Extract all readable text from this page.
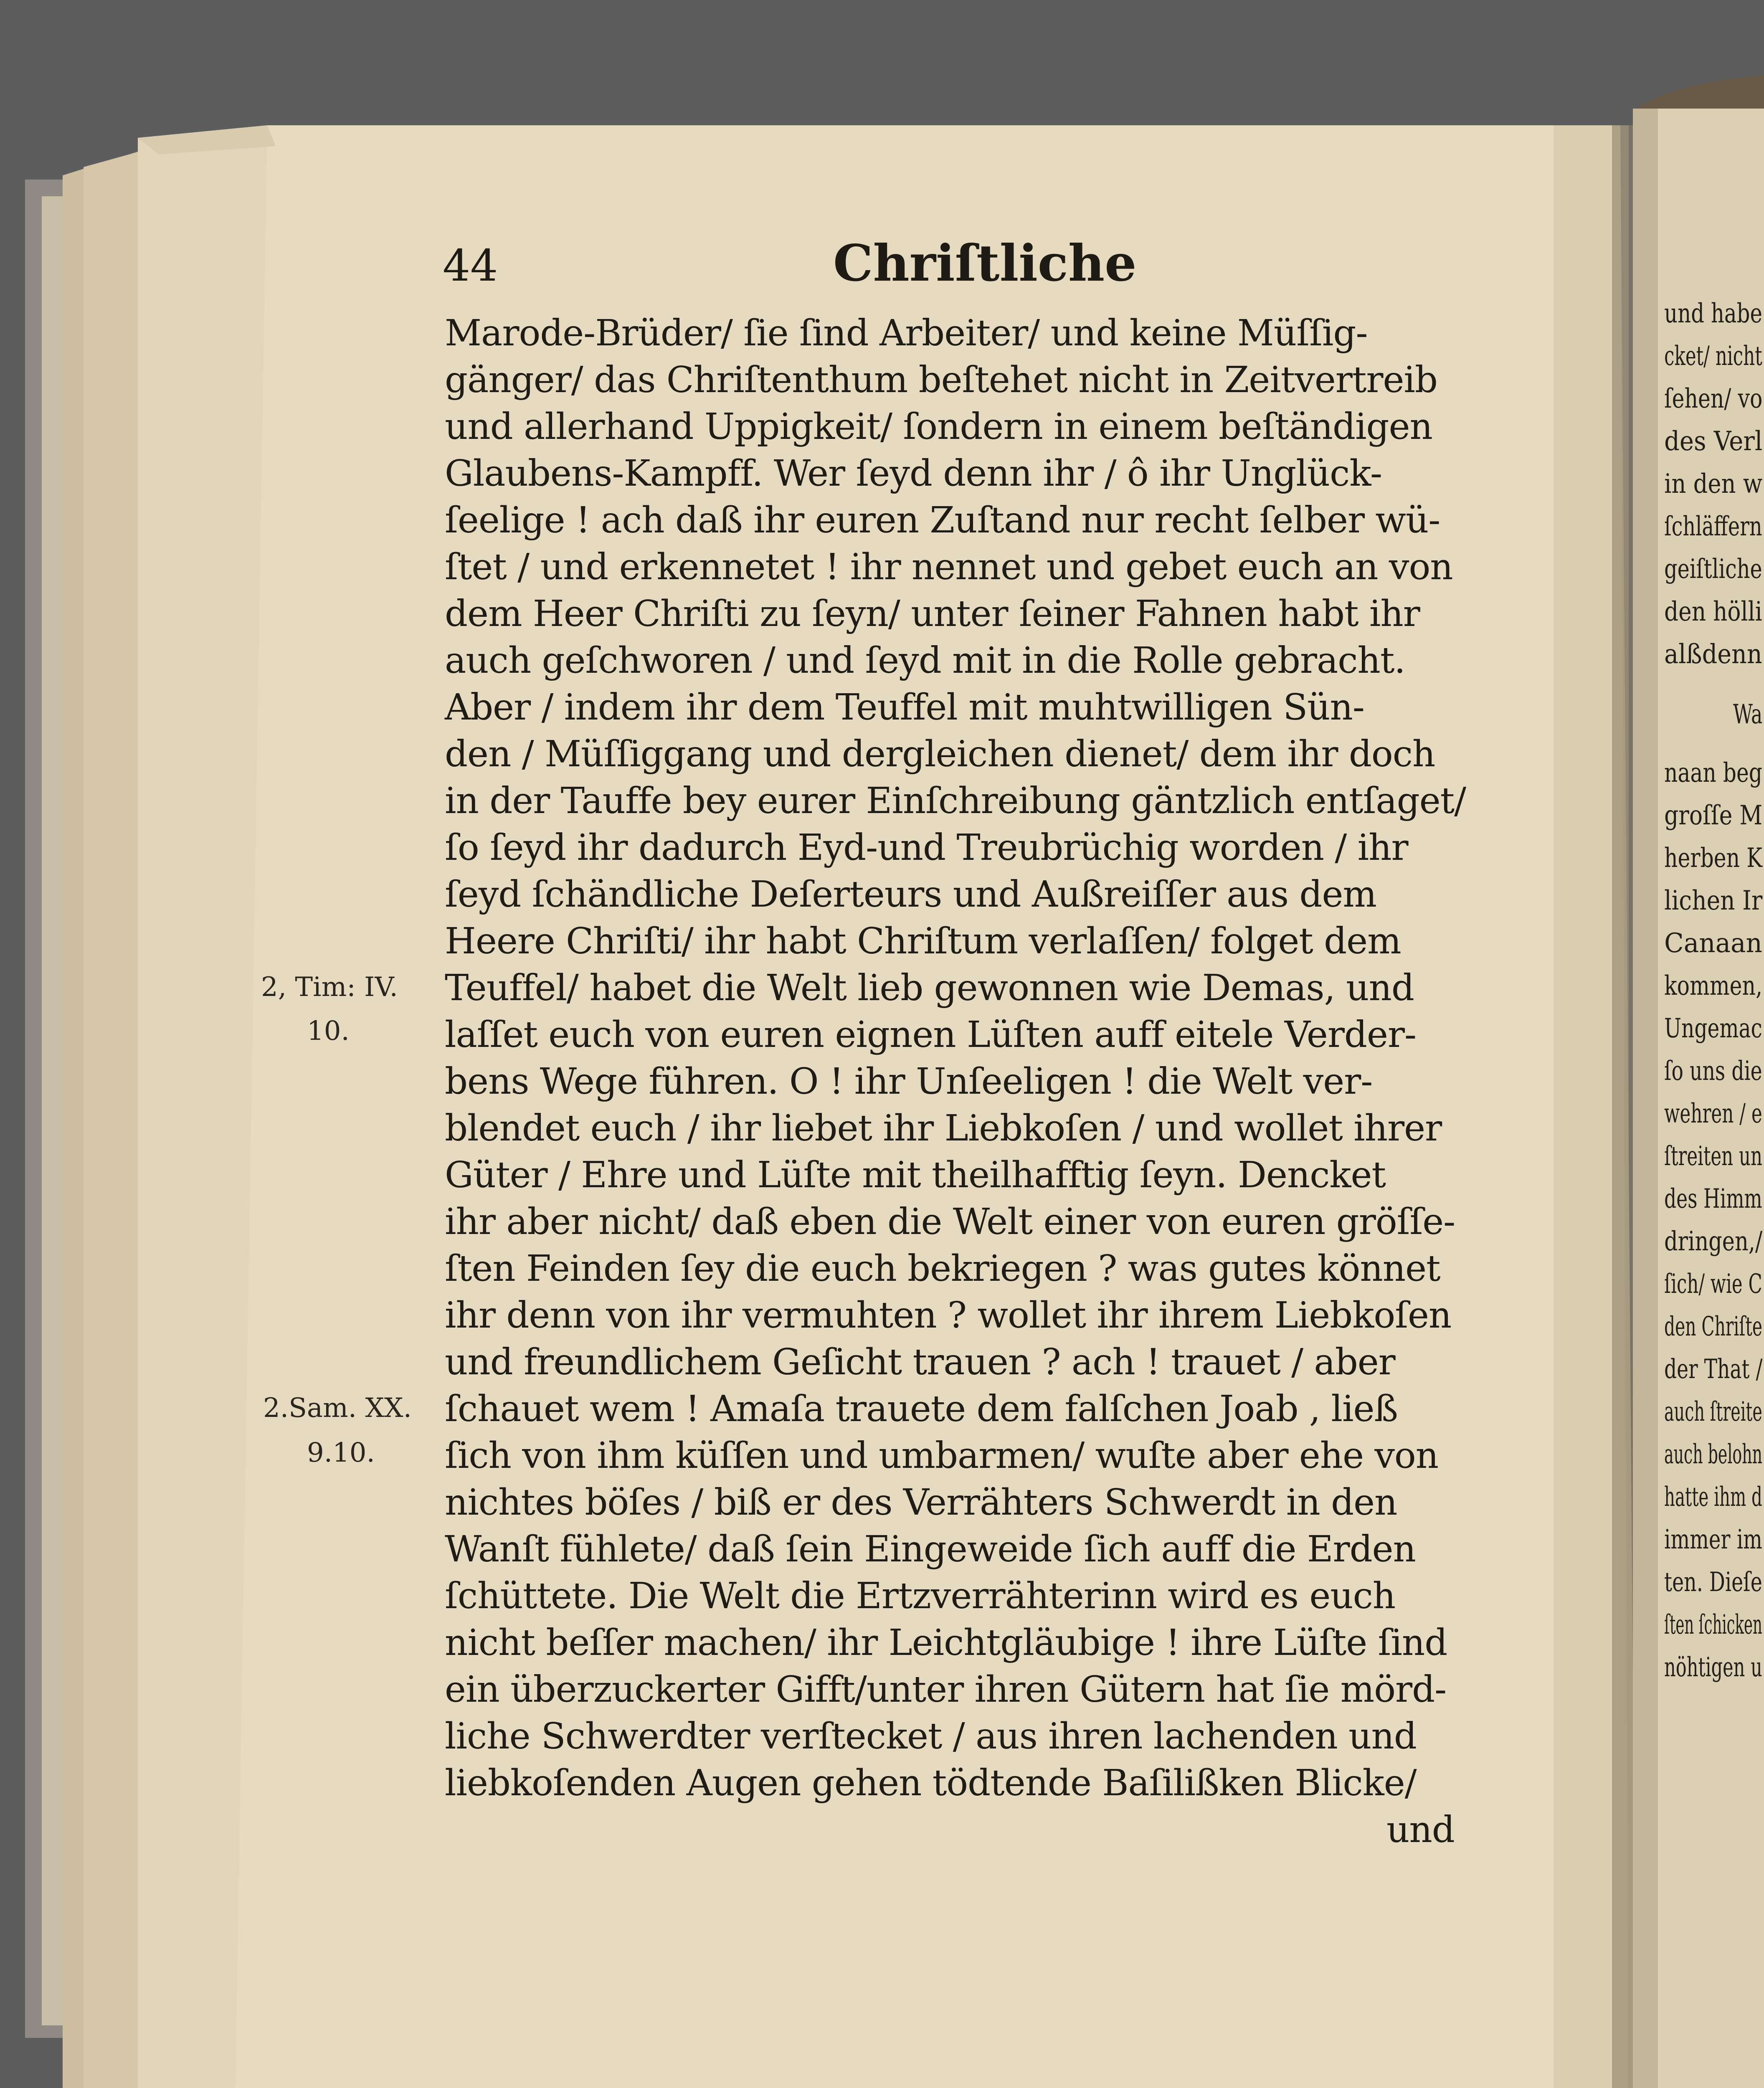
44	Chriſtliche
Marode-Brüder/ ſie ſind Arbeiter/ und keine Müſſig-
gänger/ das Chriſtenthum beſtehet nicht in Zeitvertreib
und allerhand Uppigkeit/ ſondern in einem beſtändigen
Glaubens-Kampff. Wer ſeyd denn ihr / ô ihr Unglück-
ſeelige ! ach daß ihr euren Zuſtand nur recht ſelber wü-
ſtet / und erkennetet ! ihr nennet und gebet euch an von
dem Heer Chriſti zu ſeyn/ unter ſeiner Fahnen habt ihr
auch geſchworen / und ſeyd mit in die Rolle gebracht.
Aber / indem ihr dem Teuffel mit muhtwilligen Sün-
den / Müſſiggang und dergleichen dienet/ dem ihr doch
in der Tauffe bey eurer Einſchreibung gäntzlich entſaget/
ſo ſeyd ihr dadurch Eyd-und Treubrüchig worden / ihr
ſeyd ſchändliche Deſerteurs und Außreiſſer aus dem
Heere Chriſti/ ihr habt Chriſtum verlaſſen/ folget dem
Teuffel/ habet die Welt lieb gewonnen wie Demas, und
laſſet euch von euren eignen Lüſten auff eitele Verder-
bens Wege führen. O ! ihr Unſeeligen ! die Welt ver-
blendet euch / ihr liebet ihr Liebkoſen / und wollet ihrer
Güter / Ehre und Lüſte mit theilhafftig ſeyn. Dencket
ihr aber nicht/ daß eben die Welt einer von euren gröſſe-
ſten Feinden ſey die euch bekriegen ? was gutes könnet
ihr denn von ihr vermuhten ? wollet ihr ihrem Liebkoſen
und freundlichem Geſicht trauen ? ach ! trauet / aber
ſchauet wem ! Amaſa trauete dem falſchen Joab , ließ
ſich von ihm küſſen und umbarmen/ wuſte aber ehe von
nichtes böſes / biß er des Verrähters Schwerdt in den
Wanſt fühlete/ daß ſein Eingeweide ſich auff die Erden
ſchüttete. Die Welt die Ertzverrähterinn wird es euch
nicht beſſer machen/ ihr Leichtgläubige ! ihre Lüſte ſind
ein überzuckerter Gifft/unter ihren Gütern hat ſie mörd-
liche Schwerdter verſtecket / aus ihren lachenden und
liebkoſenden Augen gehen tödtende Baſilißken Blicke/
und
2, Tim: IV.
10.
2.Sam. XX.
9.10.
und habe
cket/ nicht
ſehen/ vo
des Verl
in den w
ſchläffern
geiſtliche
den hölli
alßdenn
Wa
naan beg
groſſe M
herben K
lichen Ir
Canaan
kommen,
Ungemac
ſo uns die
wehren / e
ſtreiten un
des Himm
dringen,/
ſich/ wie C
den Chriſte
der That /
auch ſtreite
auch belohn
hatte ihm d
immer im
ten. Dieſe
ſten ſchicken
nöhtigen u
